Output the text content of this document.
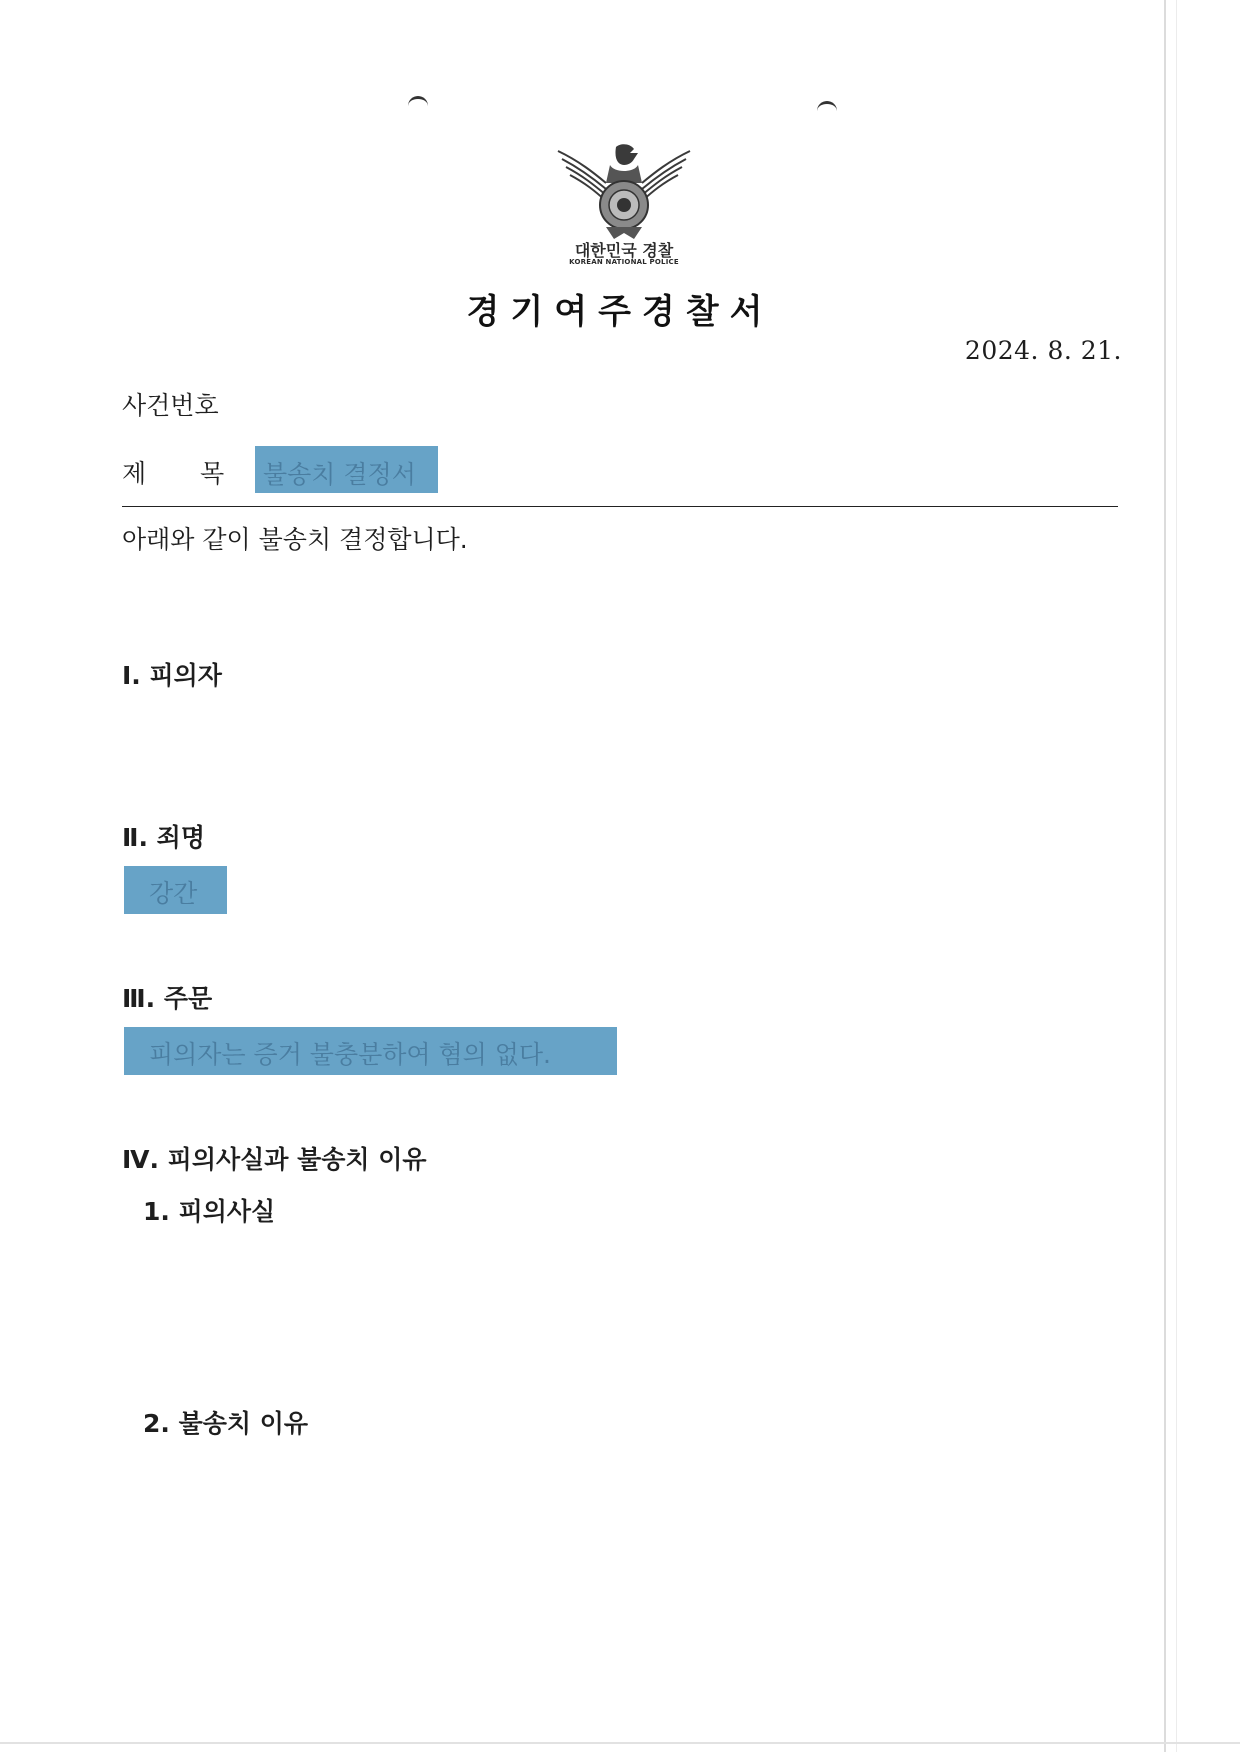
대한민국 경찰
KOREAN NATIONAL POLICE
경기여주경찰서
2024. 8. 21.
사건번호
제 목	불송치 결정서
아래와 같이 불송치 결정합니다.
Ⅰ. 피의자
Ⅱ. 죄명
강간
Ⅲ. 주문
피의자는 증거 불충분하여 혐의 없다.
Ⅳ. 피의사실과 불송치 이유
1. 피의사실
2. 불송치 이유
